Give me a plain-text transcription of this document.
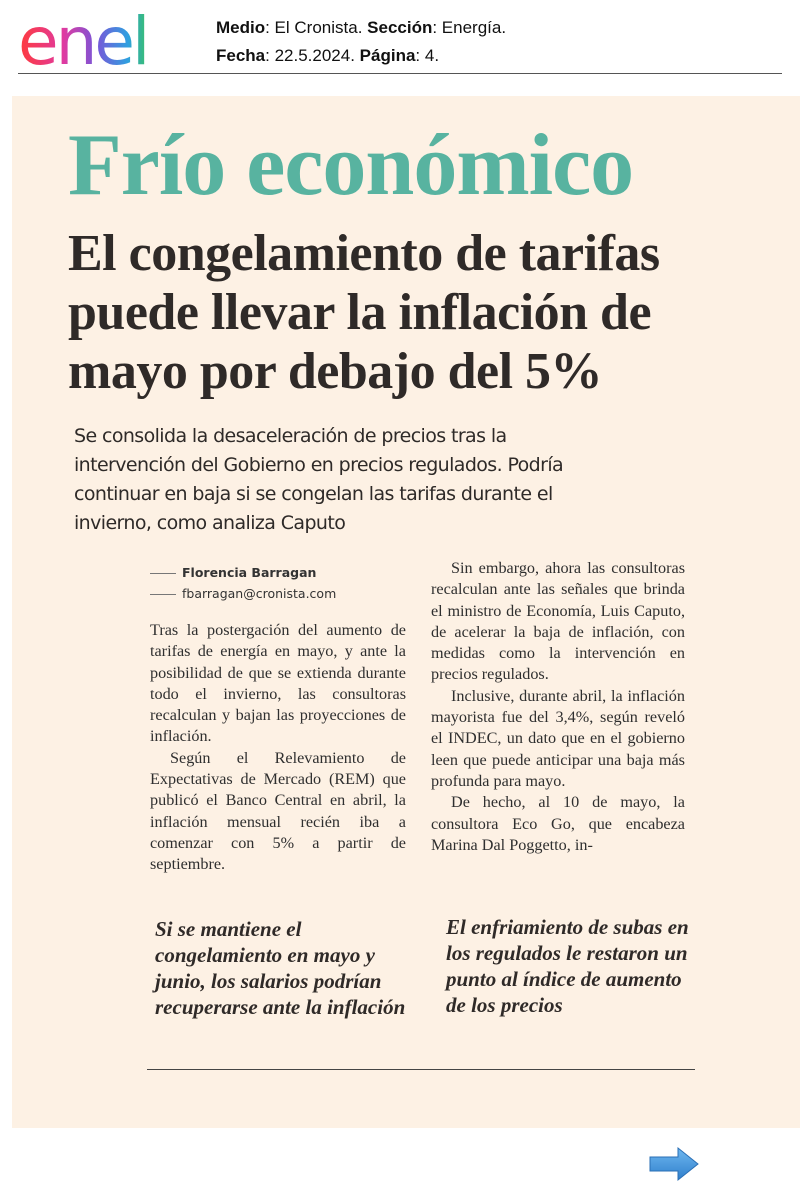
enel	Medio: El Cronista. Sección: Energía.
Fecha: 22.5.2024. Página: 4.
Frío económico
El congelamiento de tarifas puede llevar la inflación de mayo por debajo del 5%
Se consolida la desaceleración de precios tras la intervención del Gobierno en precios regulados. Podría continuar en baja si se congelan las tarifas durante el invierno, como analiza Caputo
Florencia Barragan
fbarragan@cronista.com

Tras la postergación del aumento de tarifas de energía en mayo, y ante la posibilidad de que se extienda durante todo el invierno, las consultoras recalculan y bajan las proyecciones de inflación.

Según el Relevamiento de Expectativas de Mercado (REM) que publicó el Banco Central en abril, la inflación mensual recién iba a comenzar con 5% a partir de septiembre.

Sin embargo, ahora las consultoras recalculan ante las señales que brinda el ministro de Economía, Luis Caputo, de acelerar la baja de inflación, con medidas como la intervención en precios regulados.

Inclusive, durante abril, la inflación mayorista fue del 3,4%, según reveló el INDEC, un dato que en el gobierno leen que puede anticipar una baja más profunda para mayo.

De hecho, al 10 de mayo, la consultora Eco Go, que encabeza Marina Dal Poggetto, in-

Si se mantiene el congelamiento en mayo y junio, los salarios podrían recuperarse ante la inflación
El enfriamiento de subas en los regulados le restaron un punto al índice de aumento de los precios
